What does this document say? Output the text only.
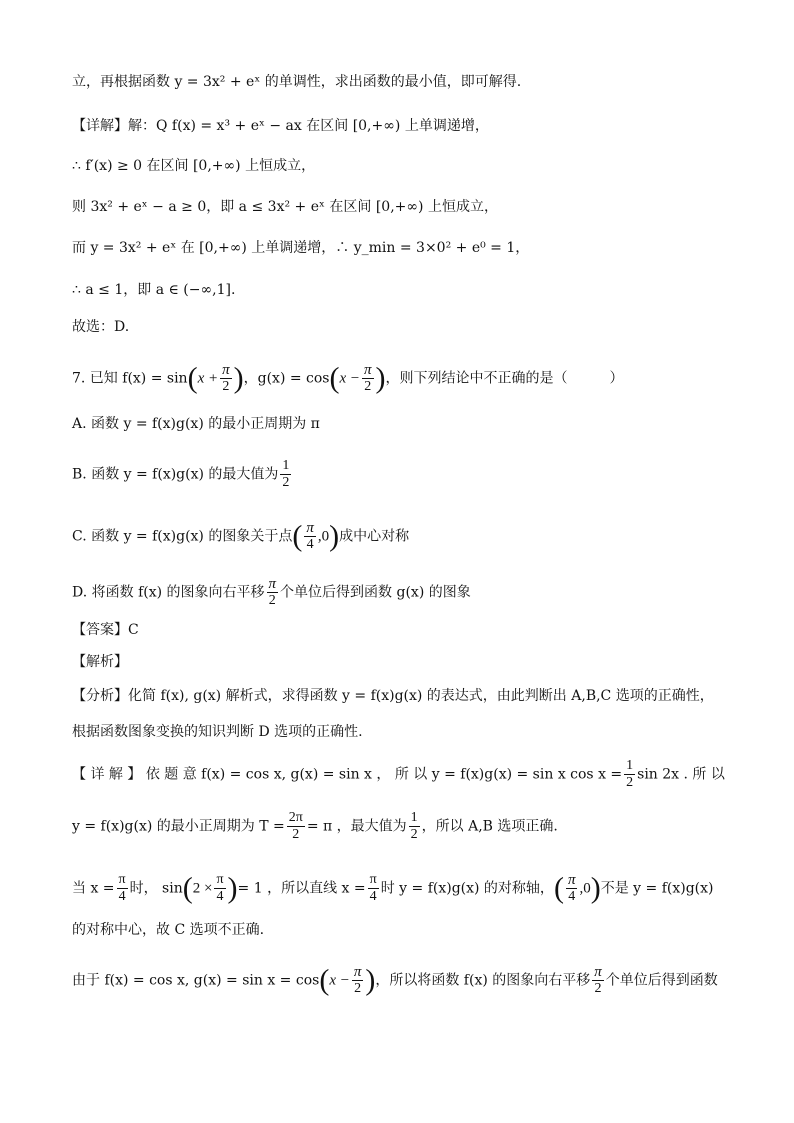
立，再根据函数 y = 3x² + eˣ 的单调性，求出函数的最小值，即可解得.
【详解】解：Q f(x) = x³ + eˣ − ax 在区间 [0,+∞) 上单调递增，
∴ f′(x) ≥ 0 在区间 [0,+∞) 上恒成立，
则 3x² + eˣ − a ≥ 0，即 a ≤ 3x² + eˣ 在区间 [0,+∞) 上恒成立，
而 y = 3x² + eˣ 在 [0,+∞) 上单调递增，∴ y_min = 3×0² + e⁰ = 1，
∴ a ≤ 1，即 a ∈ (−∞,1].
故选：D.
7. 已知 $f(x) = \sin(x + \frac{\pi}{2}$ )，$g(x) = \cos(x - \frac{\pi}{2}$ )，则下列结论中不正确的是（　　　）
A. 函数 y = f(x)g(x) 的最小正周期为 π
B. 函数 y = f(x)g(x) 的最大值为 $\frac{1}{2}$
C. 函数 y = f(x)g(x) 的图象关于点( $\frac{\pi}{4} ,0$)成中心对称
D. 将函数 f(x) 的图象向右平移 $\frac{\pi}{2}$ 个单位后得到函数 g(x) 的图象
【答案】C
【解析】
【分析】化简 f(x), g(x) 解析式，求得函数 y = f(x)g(x) 的表达式，由此判断出 A,B,C 选项的正确性，
根据函数图象变换的知识判断 D 选项的正确性.
【 详 解 】 依 题 意 f(x) = cos x, g(x) = sin x ， 所 以 y = f(x)g(x) = sin x $\cos x = \frac{1}{2}$ sin 2x . 所 以
y = f(x)g(x) 的最小正周期为 $T = \frac{2\pi}{2} = \pi$ ，最大值为 $\frac{1}{2}$ ，所以 A,B 选项正确.
当 $x = \frac{\pi}{4}$ 时， $\sin(2 \times \frac{\pi}{4}$ )= 1 ，所以直线 $x = \frac{\pi}{4}$ 时 y = f(x)g(x) 的对称轴，( $\frac{\pi}{4} ,0$)不是 y = f(x)g(x)
的对称中心，故 C 选项不正确.
由于 f(x) = cos x, $g(x) = \sin x = \cos(x - \frac{\pi}{2}$ )，所以将函数 f(x) 的图象向右平移 $\frac{\pi}{2}$ 个单位后得到函数
